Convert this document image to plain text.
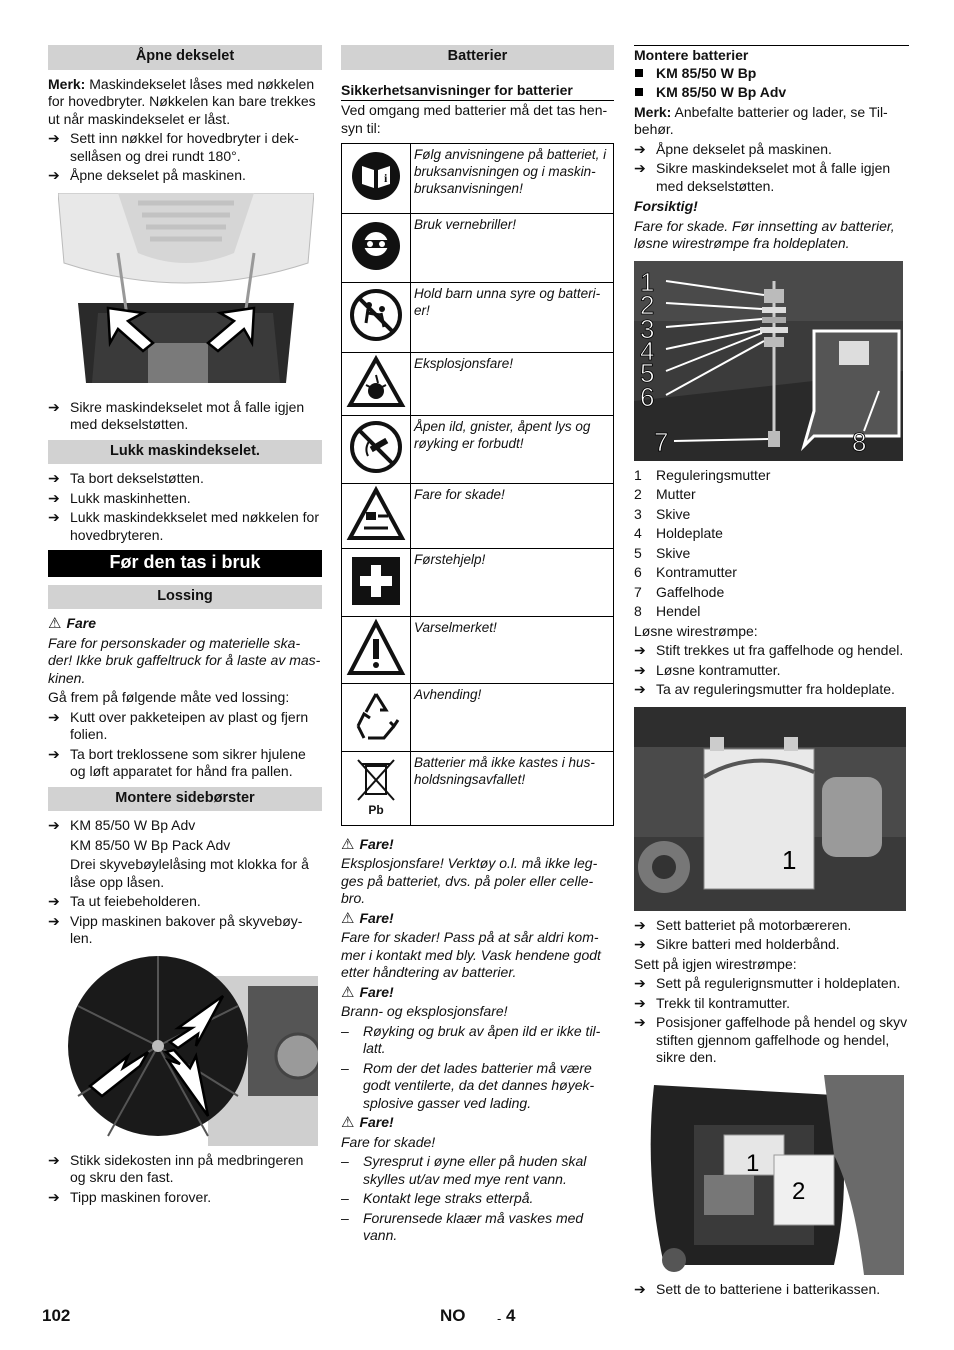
Åpne dekselet

Merk: Maskindekselet låses med nøkkelen for hovedbryter. Nøkkelen kan bare trekkes ut når maskindekselet er låst.

➔ Sett inn nøkkel for hovedbryter i dek-sellåsen og drei rundt 180°.

➔ Åpne dekselet på maskinen.

➔ Sikre maskindekselet mot å falle igjen med dekselstøtten.

Lukk maskindekselet.

➔ Ta bort dekselstøtten.

➔ Lukk maskinhetten.

➔ Lukk maskindekkselet med nøkkelen for hovedbryteren.

Før den tas i bruk
Lossing

⚠ Fare

Fare for personskader og materielle ska-der! Ikke bruk gaffeltruck for å laste av mas-kinen.

Gå frem på følgende måte ved lossing:

➔ Kutt over pakketeipen av plast og fjern folien.

➔ Ta bort treklossene som sikrer hjulene og løft apparatet for hånd fra pallen.

Montere sidebørster

➔ KM 85/50 W Bp Adv

KM 85/50 W Bp Pack Adv

Drei skyvebøylelåsing mot klokka for å låse opp låsen.

➔ Ta ut feiebeholderen.

➔ Vipp maskinen bakover på skyvebøy-len.

➔ Stikk sidekosten inn på medbringeren og skru den fast.

➔ Tipp maskinen forover.

Batterier
Sikkerhetsanvisninger for batterier

Ved omgang med batterier må det tas hen-syn til:

i	Følg anvisningene på batteriet, i bruksanvisningen og i maskin-bruksanvisningen!
	Bruk vernebriller!
	Hold barn unna syre og batteri-er!
	Eksplosjonsfare!
	Åpen ild, gnister, åpent lys og røyking er forbudt!
	Fare for skade!
	Førstehjelp!
	Varselmerket!
	Avhending!

Pb	Batterier må ikke kastes i hus-holdsningsavfallet!

⚠ Fare!

Eksplosjonsfare! Verktøy o.l. må ikke leg-ges på batteriet, dvs. på poler eller celle-bro.

⚠ Fare!

Fare for skader! Pass på at sår aldri kom-mer i kontakt med bly. Vask hendene godt etter håndtering av batterier.

⚠ Fare!

Brann- og eksplosjonsfare!

– Røyking og bruk av åpen ild er ikke til-latt.

– Rom der det lades batterier må være godt ventilerte, da det dannes høyek-splosive gasser ved lading.

⚠ Fare!

Fare for skade!

– Syresprut i øyne eller på huden skal skylles ut/av med mye rent vann.

– Kontakt lege straks etterpå.

– Forurensede klaær må vaskes med vann.

Montere batterier

KM 85/50 W Bp

KM 85/50 W Bp Adv

Merk: Anbefalte batterier og lader, se Til-behør.

➔ Åpne dekselet på maskinen.

➔ Sikre maskindekselet mot å falle igjen med dekselstøtten.

Forsiktig!

Fare for skade. Før innsetting av batterier, løsne wirestrømpe fra holdeplaten.

1
2
3
4
5
6
7	8
1	Reguleringsmutter
2	Mutter
3	Skive
4	Holdeplate
5	Skive
6	Kontramutter
7	Gaffelhode
8	Hendel

Løsne wirestrømpe:

➔ Stift trekkes ut fra gaffelhode og hendel.

➔ Løsne kontramutter.

➔ Ta av reguleringsmutter fra holdeplate.

1

➔ Sett batteriet på motorbæreren.

➔ Sikre batteri med holderbånd.

Sett på igjen wirestrømpe:

➔ Sett på regulerignsmutter i holdeplaten.

➔ Trekk til kontramutter.

➔ Posisjoner gaffelhode på hendel og skyv stiften gjennom gaffelhode og hendel, sikre den.

1
2

➔ Sett de to batteriene i batterikassen.

102	NO - 4
